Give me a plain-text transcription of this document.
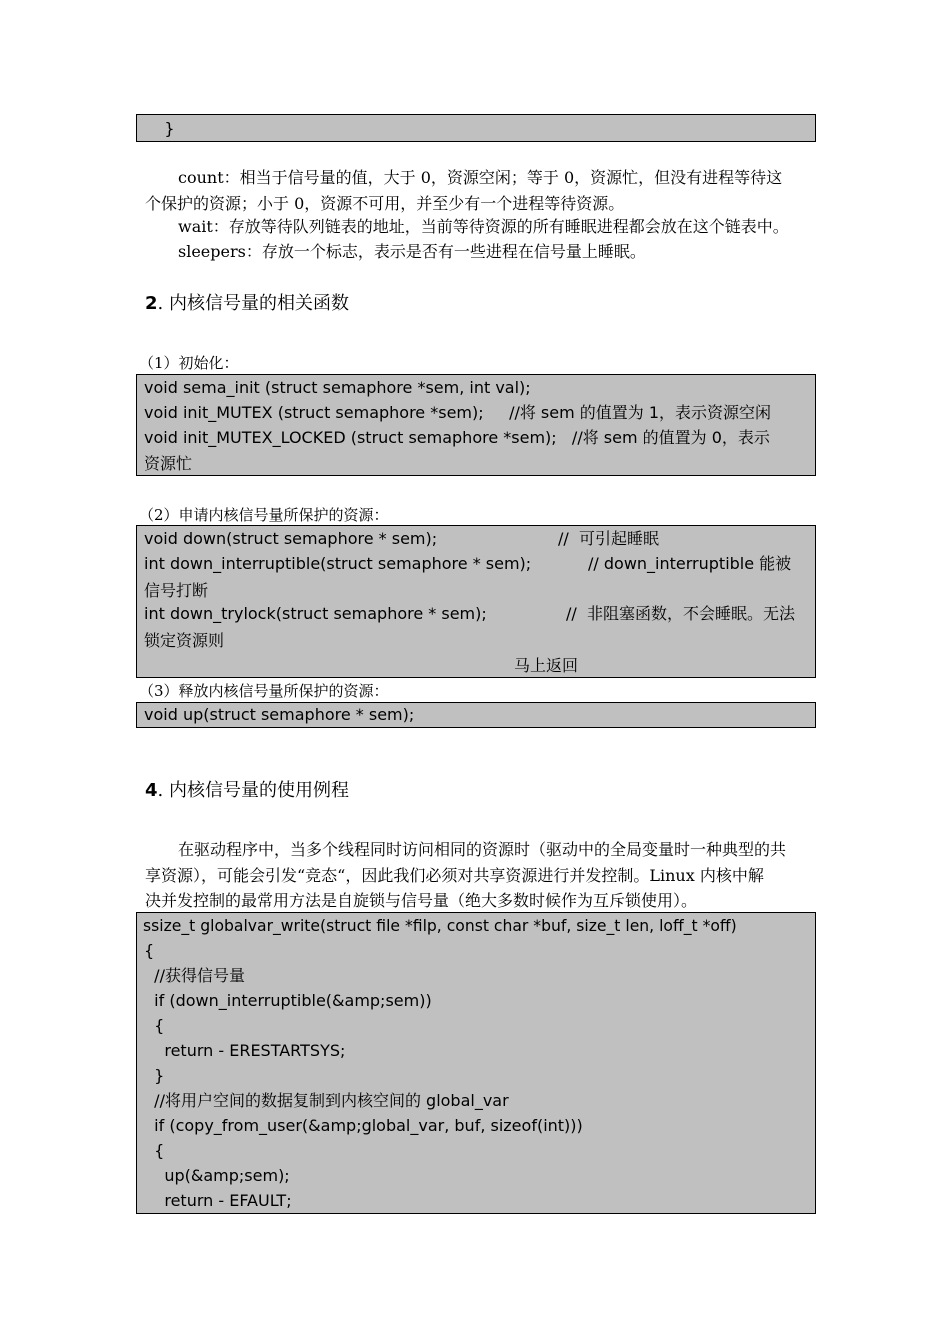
}
count：相当于信号量的值，大于 0，资源空闲；等于 0，资源忙，但没有进程等待这
个保护的资源；小于 0，资源不可用，并至少有一个进程等待资源。
wait：存放等待队列链表的地址，当前等待资源的所有睡眠进程都会放在这个链表中。
sleepers：存放一个标志，表示是否有一些进程在信号量上睡眠。
2. 内核信号量的相关函数
（1）初始化：
void sema_init (struct semaphore *sem, int val);
void init_MUTEX (struct semaphore *sem);     //将 sem 的值置为 1，表示资源空闲
void init_MUTEX_LOCKED (struct semaphore *sem);   //将 sem 的值置为 0，表示
资源忙
（2）申请内核信号量所保护的资源：
void down(struct semaphore * sem);	//  可引起睡眠
int down_interruptible(struct semaphore * sem);	// down_interruptible 能被
信号打断
int down_trylock(struct semaphore * sem);	//  非阻塞函数，不会睡眠。无法
锁定资源则
马上返回
（3）释放内核信号量所保护的资源：
void up(struct semaphore * sem);
4. 内核信号量的使用例程
在驱动程序中，当多个线程同时访问相同的资源时（驱动中的全局变量时一种典型的共
享资源），可能会引发“竞态“，因此我们必须对共享资源进行并发控制。Linux 内核中解
决并发控制的最常用方法是自旋锁与信号量（绝大多数时候作为互斥锁使用）。
ssize_t globalvar_write(struct file *filp, const char *buf, size_t len, loff_t *off)
{
//获得信号量
if (down_interruptible(&amp;sem))
{
return - ERESTARTSYS;
}
//将用户空间的数据复制到内核空间的 global_var
if (copy_from_user(&amp;global_var, buf, sizeof(int)))
{
up(&amp;sem);
return - EFAULT;
